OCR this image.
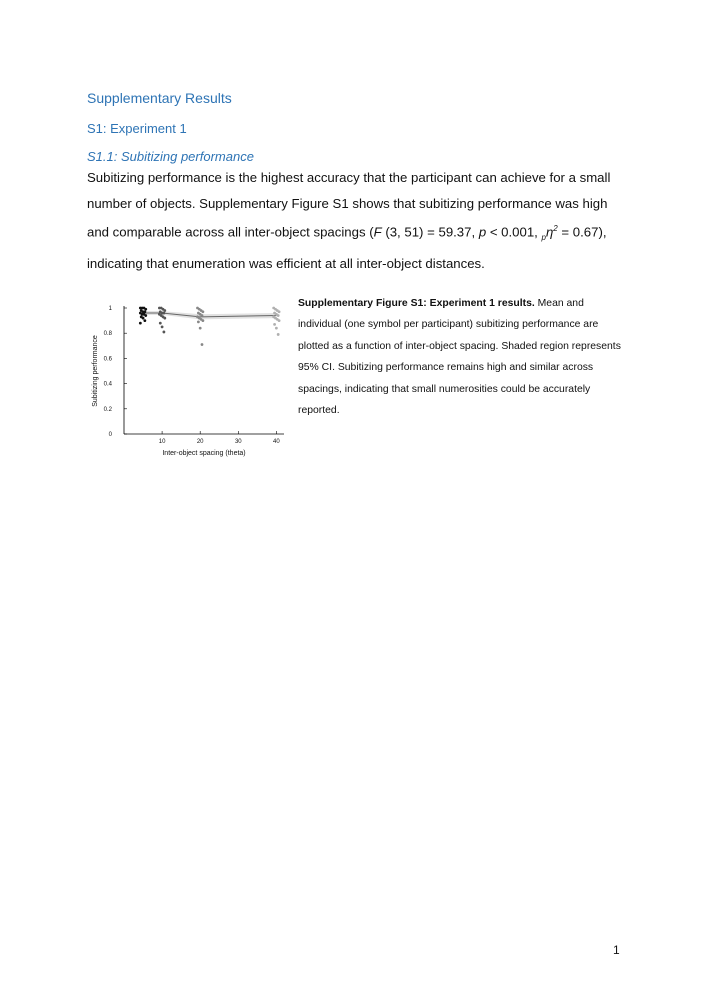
Supplementary Results
S1: Experiment 1
S1.1: Subitizing performance
Subitizing performance is the highest accuracy that the participant can achieve for a small number of objects. Supplementary Figure S1 shows that subitizing performance was high and comparable across all inter-object spacings (F (3, 51) = 59.37, p < 0.001, $_p\eta^2 = 0.67$), indicating that enumeration was efficient at all inter-object distances.
0
0.2
0.4
0.6
0.8
1
10	20	30	40
Inter-object spacing (theta)
Subitizing performance
Supplementary Figure S1: Experiment 1 results. Mean and individual (one symbol per participant) subitizing performance are plotted as a function of inter-object spacing. Shaded region represents 95% CI. Subitizing performance remains high and similar across spacings, indicating that small numerosities could be accurately reported.
1
